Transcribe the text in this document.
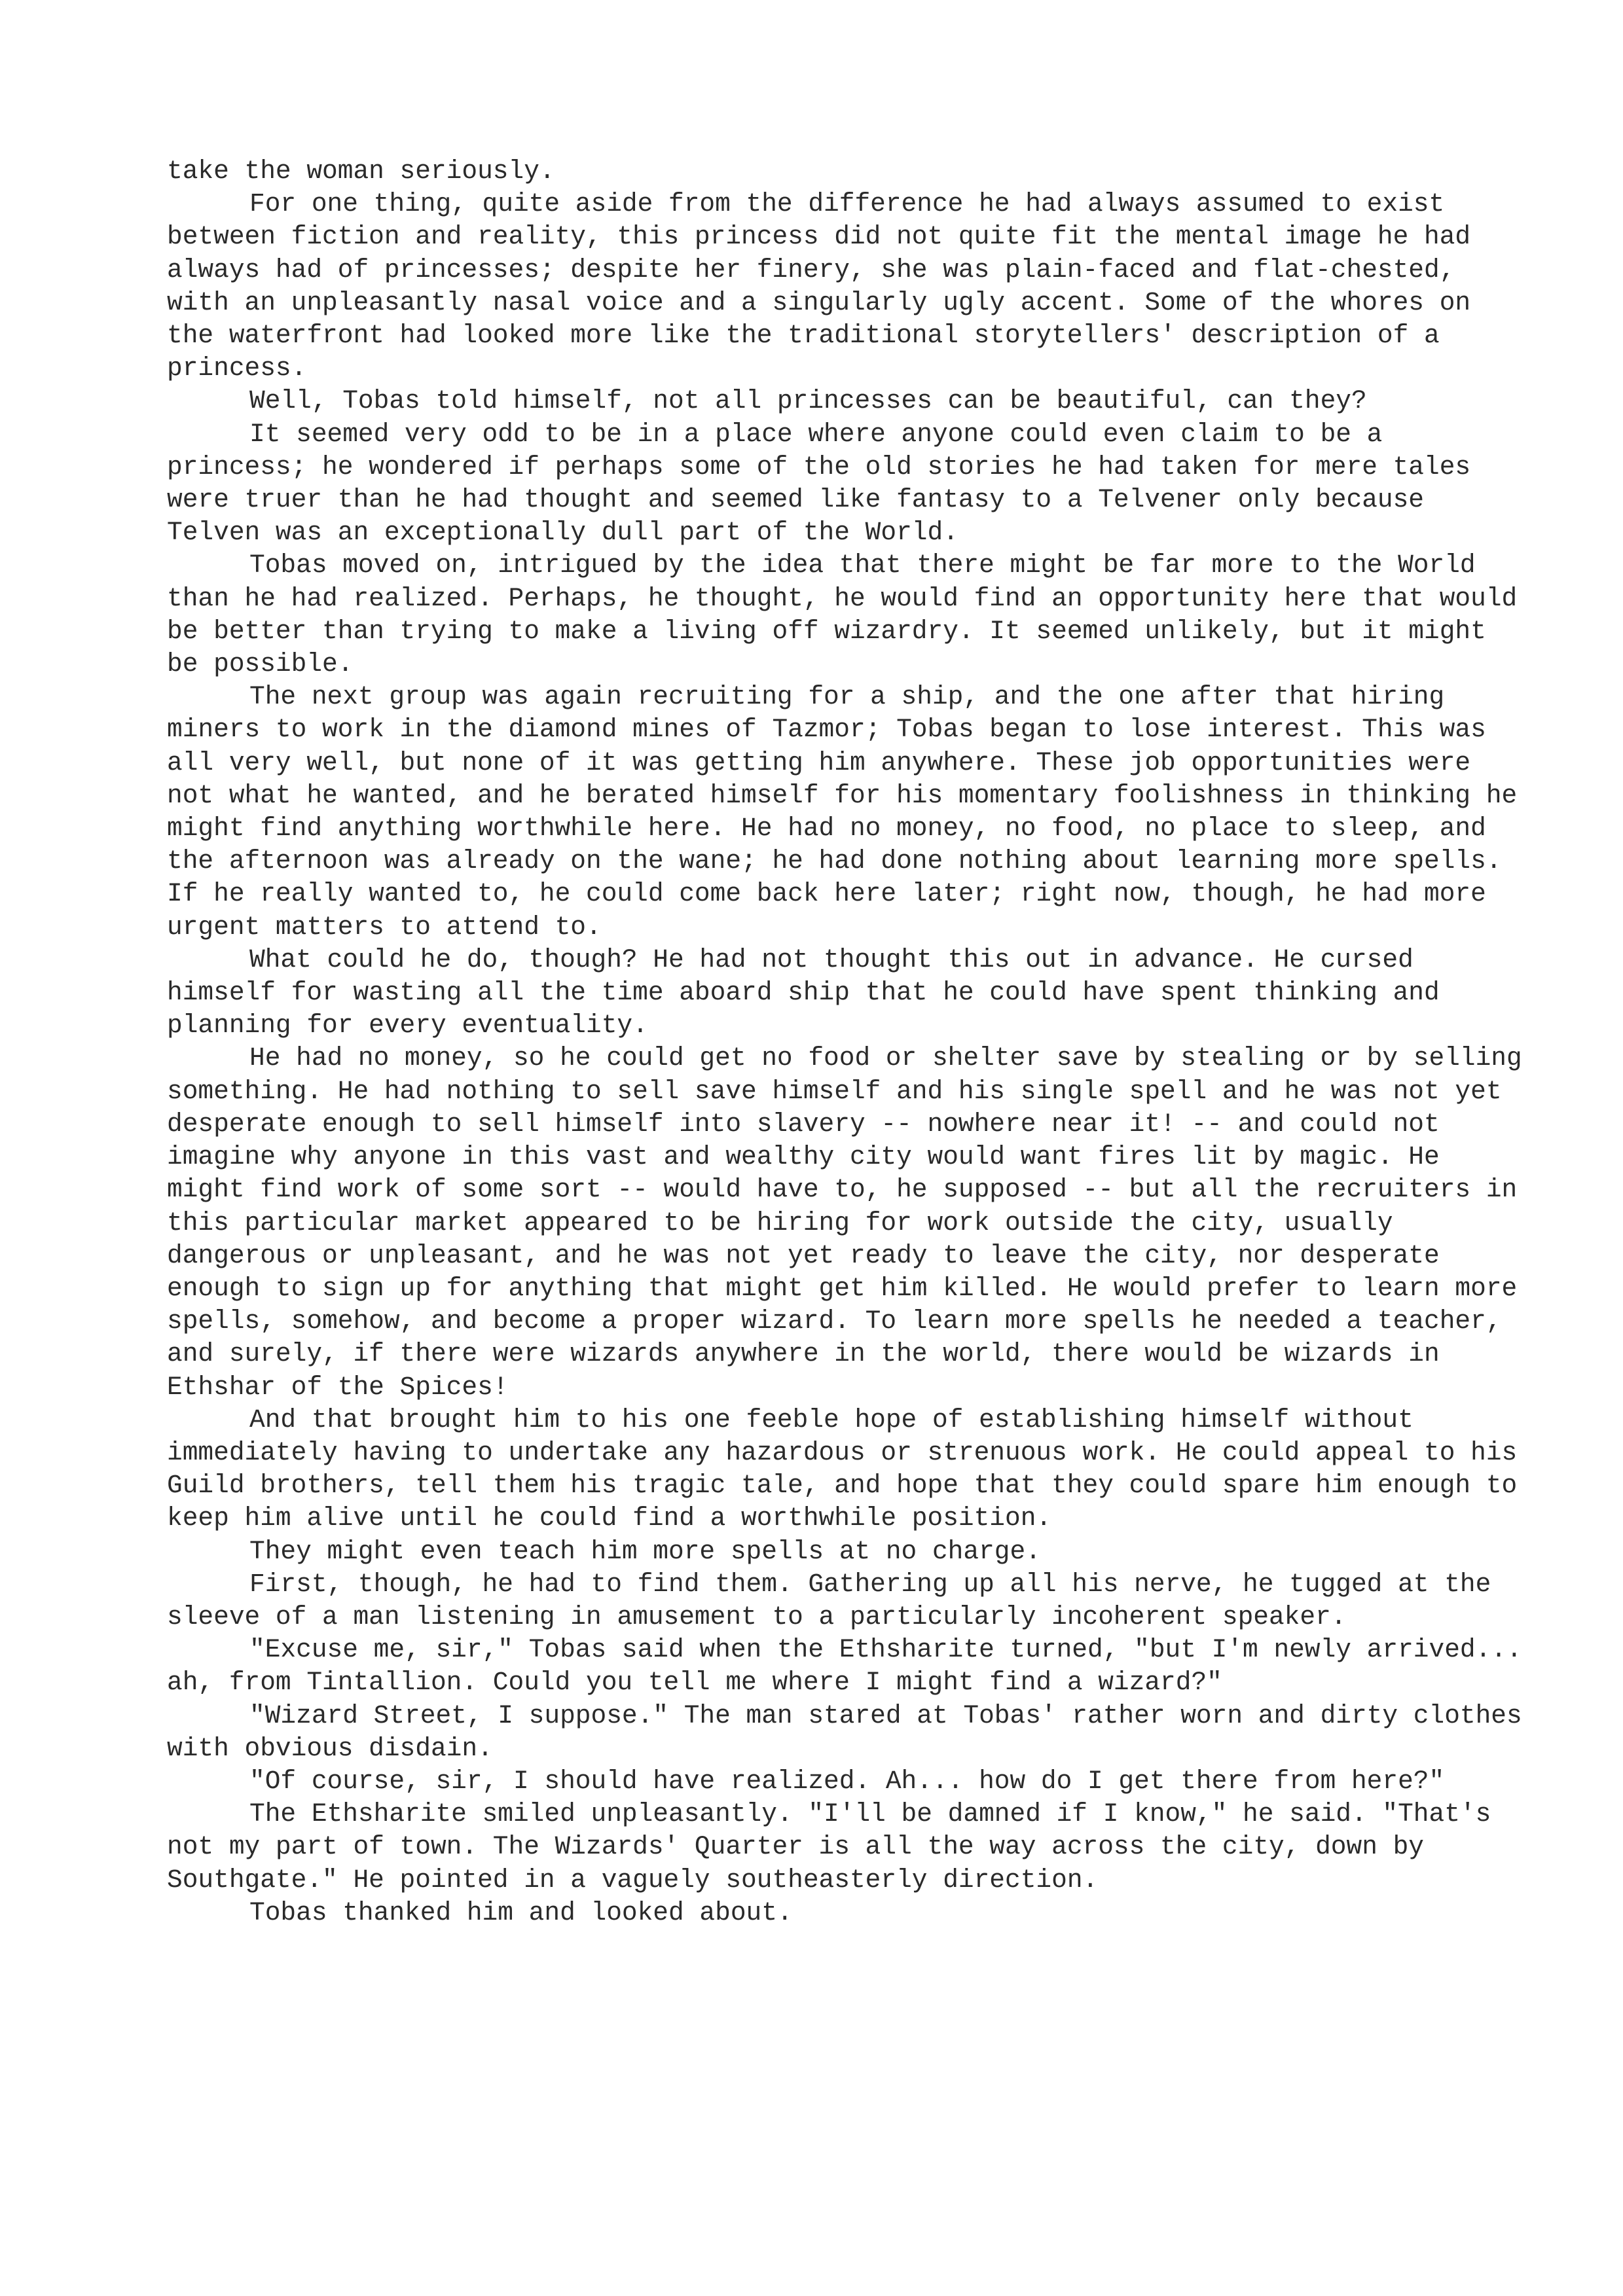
take the woman seriously.

For one thing, quite aside from the difference he had always assumed to exist between fiction and reality, this princess did not quite fit the mental image he had always had of princesses; despite her finery, she was plain-faced and flat-chested, with an unpleasantly nasal voice and a singularly ugly accent. Some of the whores on the waterfront had looked more like the traditional storytellers' description of a princess.

Well, Tobas told himself, not all princesses can be beautiful, can they?

It seemed very odd to be in a place where anyone could even claim to be a princess; he wondered if perhaps some of the old stories he had taken for mere tales were truer than he had thought and seemed like fantasy to a Telvener only because Telven was an exceptionally dull part of the World.

Tobas moved on, intrigued by the idea that there might be far more to the World than he had realized. Perhaps, he thought, he would find an opportunity here that would be better than trying to make a living off wizardry. It seemed unlikely, but it might be possible.

The next group was again recruiting for a ship, and the one after that hiring miners to work in the diamond mines of Tazmor; Tobas began to lose interest. This was all very well, but none of it was getting him anywhere. These job opportunities were not what he wanted, and he berated himself for his momentary foolishness in thinking he might find anything worthwhile here. He had no money, no food, no place to sleep, and the afternoon was already on the wane; he had done nothing about learning more spells. If he really wanted to, he could come back here later; right now, though, he had more urgent matters to attend to.

What could he do, though? He had not thought this out in advance. He cursed himself for wasting all the time aboard ship that he could have spent thinking and planning for every eventuality.

He had no money, so he could get no food or shelter save by stealing or by selling something. He had nothing to sell save himself and his single spell and he was not yet desperate enough to sell himself into slavery -- nowhere near it! -- and could not imagine why anyone in this vast and wealthy city would want fires lit by magic. He might find work of some sort -- would have to, he supposed -- but all the recruiters in this particular market appeared to be hiring for work outside the city, usually dangerous or unpleasant, and he was not yet ready to leave the city, nor desperate enough to sign up for anything that might get him killed. He would prefer to learn more spells, somehow, and become a proper wizard. To learn more spells he needed a teacher, and surely, if there were wizards anywhere in the world, there would be wizards in Ethshar of the Spices!

And that brought him to his one feeble hope of establishing himself without immediately having to undertake any hazardous or strenuous work. He could appeal to his Guild brothers, tell them his tragic tale, and hope that they could spare him enough to keep him alive until he could find a worthwhile position.

They might even teach him more spells at no charge.

First, though, he had to find them. Gathering up all his nerve, he tugged at the sleeve of a man listening in amusement to a particularly incoherent speaker.

"Excuse me, sir," Tobas said when the Ethsharite turned, "but I'm newly arrived... ah, from Tintallion. Could you tell me where I might find a wizard?"

"Wizard Street, I suppose." The man stared at Tobas' rather worn and dirty clothes with obvious disdain.

"Of course, sir, I should have realized. Ah... how do I get there from here?"

The Ethsharite smiled unpleasantly. "I'll be damned if I know," he said. "That's not my part of town. The Wizards' Quarter is all the way across the city, down by Southgate." He pointed in a vaguely southeasterly direction.

Tobas thanked him and looked about.
